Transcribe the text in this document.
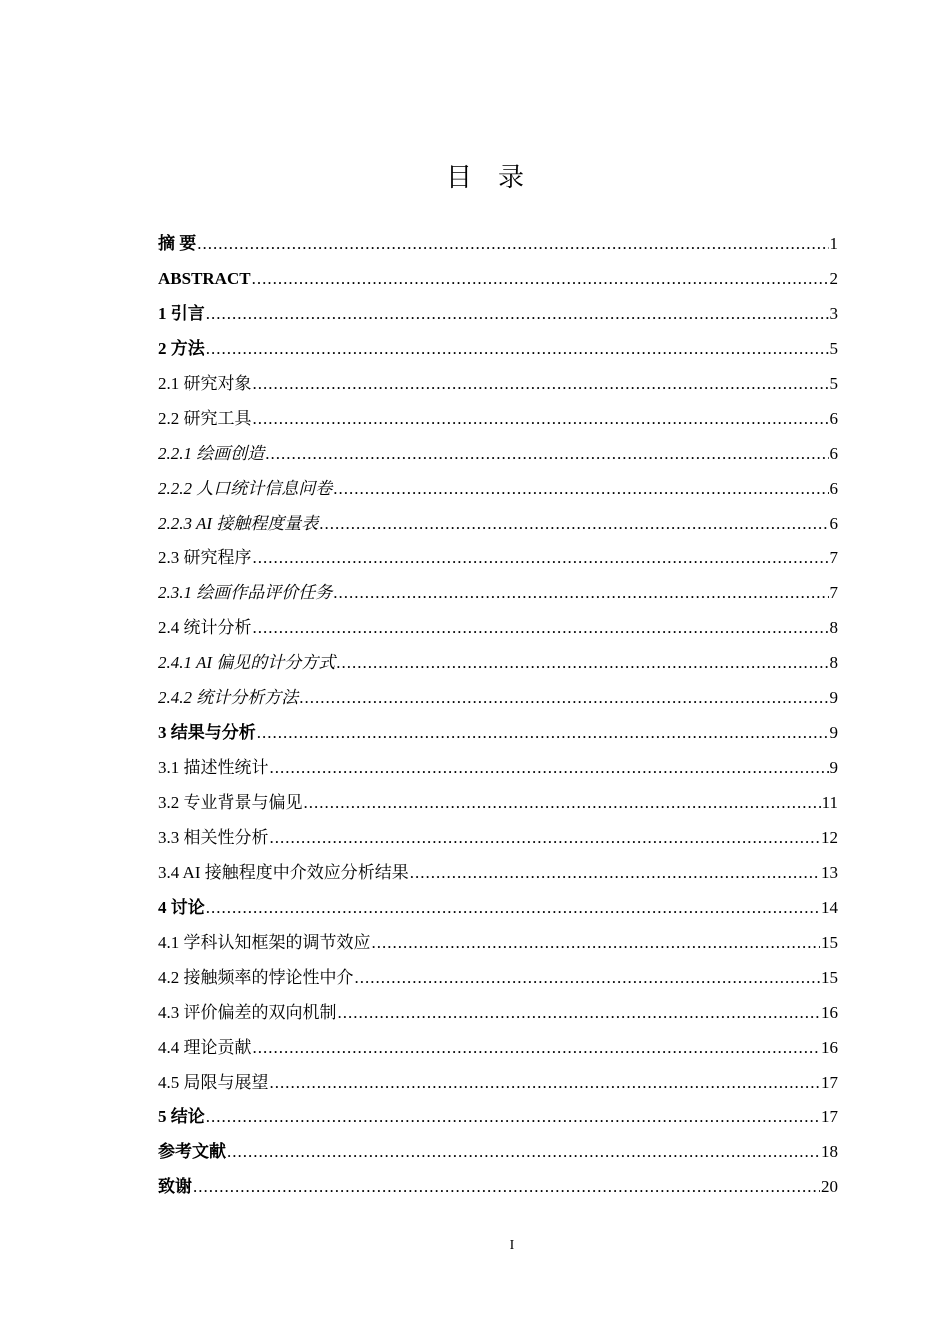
目录
摘 要 .....	1
ABSTRACT .....	2
1 引言 .....	3
2 方法 .....	5
2.1 研究对象 .....	5
2.2 研究工具 .....	6
2.2.1 绘画创造 .....	6
2.2.2 人口统计信息问卷 .....	6
2.2.3 AI 接触程度量表 .....	6
2.3 研究程序 .....	7
2.3.1 绘画作品评价任务 .....	7
2.4 统计分析 .....	8
2.4.1 AI 偏见的计分方式 .....	8
2.4.2 统计分析方法 .....	9
3 结果与分析 .....	9
3.1 描述性统计 .....	9
3.2 专业背景与偏见 .....	11
3.3 相关性分析 .....	12
3.4 AI 接触程度中介效应分析结果 .....	13
4 讨论 .....	14
4.1 学科认知框架的调节效应 .....	15
4.2 接触频率的悖论性中介 .....	15
4.3 评价偏差的双向机制 .....	16
4.4 理论贡献 .....	16
4.5 局限与展望 .....	17
5 结论 .....	17
参考文献 .....	18
致谢 .....	20
I
